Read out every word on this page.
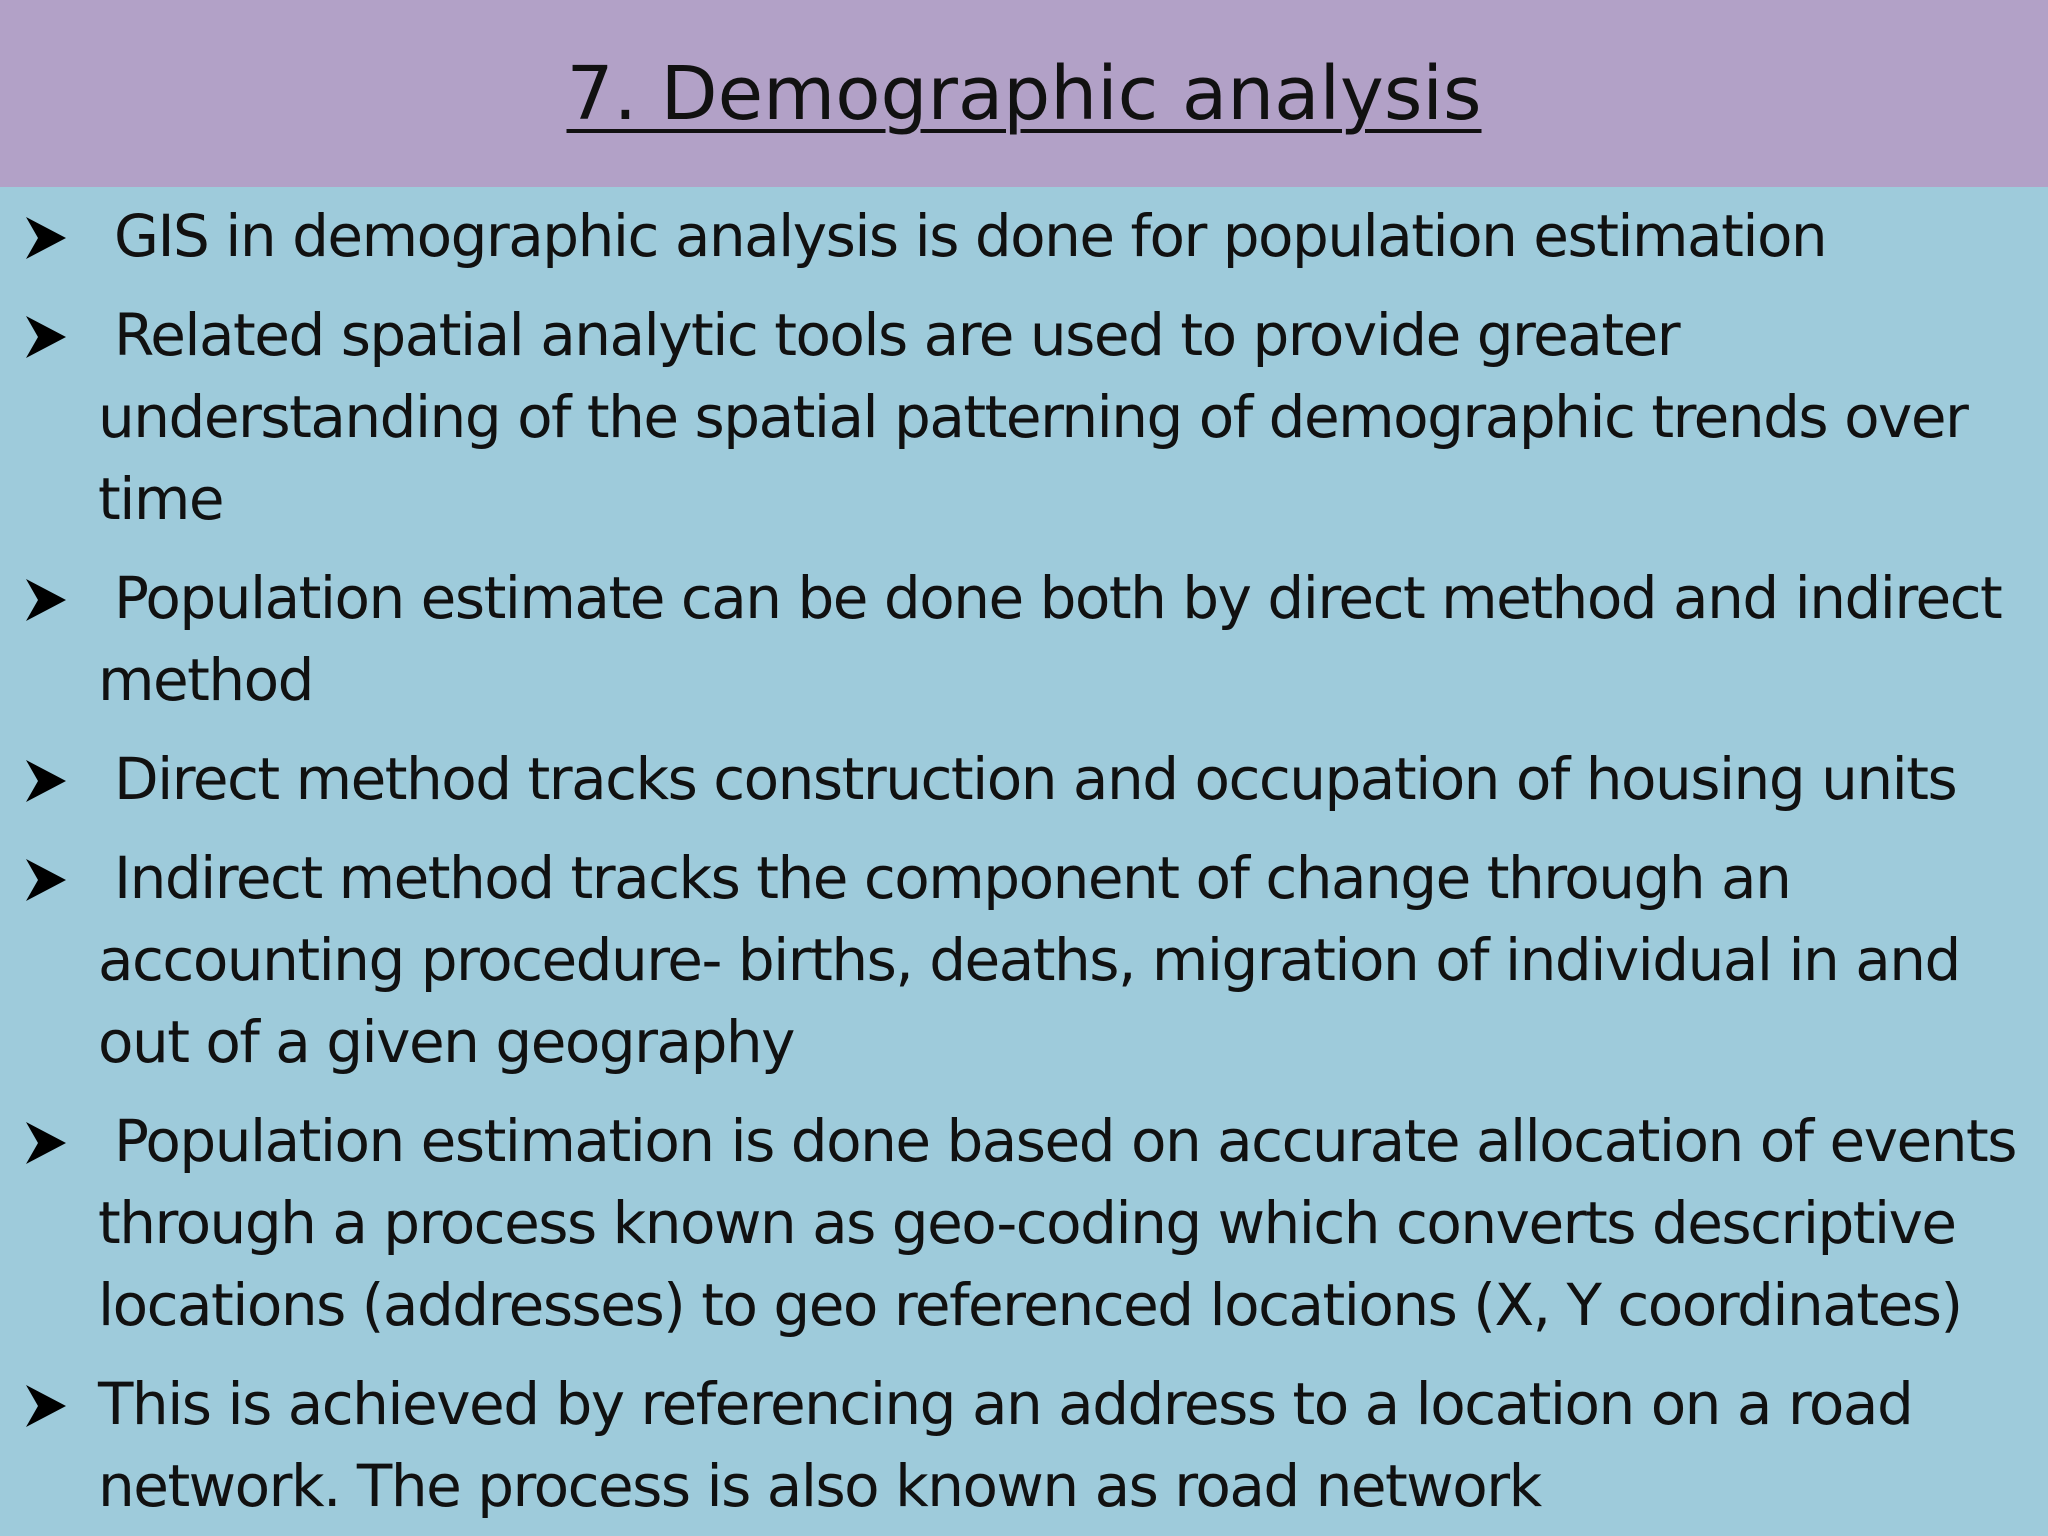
7. Demographic analysis
GIS in demographic analysis is done for population estimation
Related spatial analytic tools are used to provide greater
understanding of the spatial patterning of demographic trends over
time
Population estimate can be done both by direct method and indirect
method
Direct method tracks construction and occupation of housing units
Indirect method tracks the component of change through an
accounting procedure- births, deaths, migration of individual in and
out of a given geography
Population estimation is done based on accurate allocation of events
through a process known as geo-coding which converts descriptive
locations (addresses) to geo referenced locations (X, Y coordinates)
This is achieved by referencing an address to a location on a road
network. The process is also known as road network
